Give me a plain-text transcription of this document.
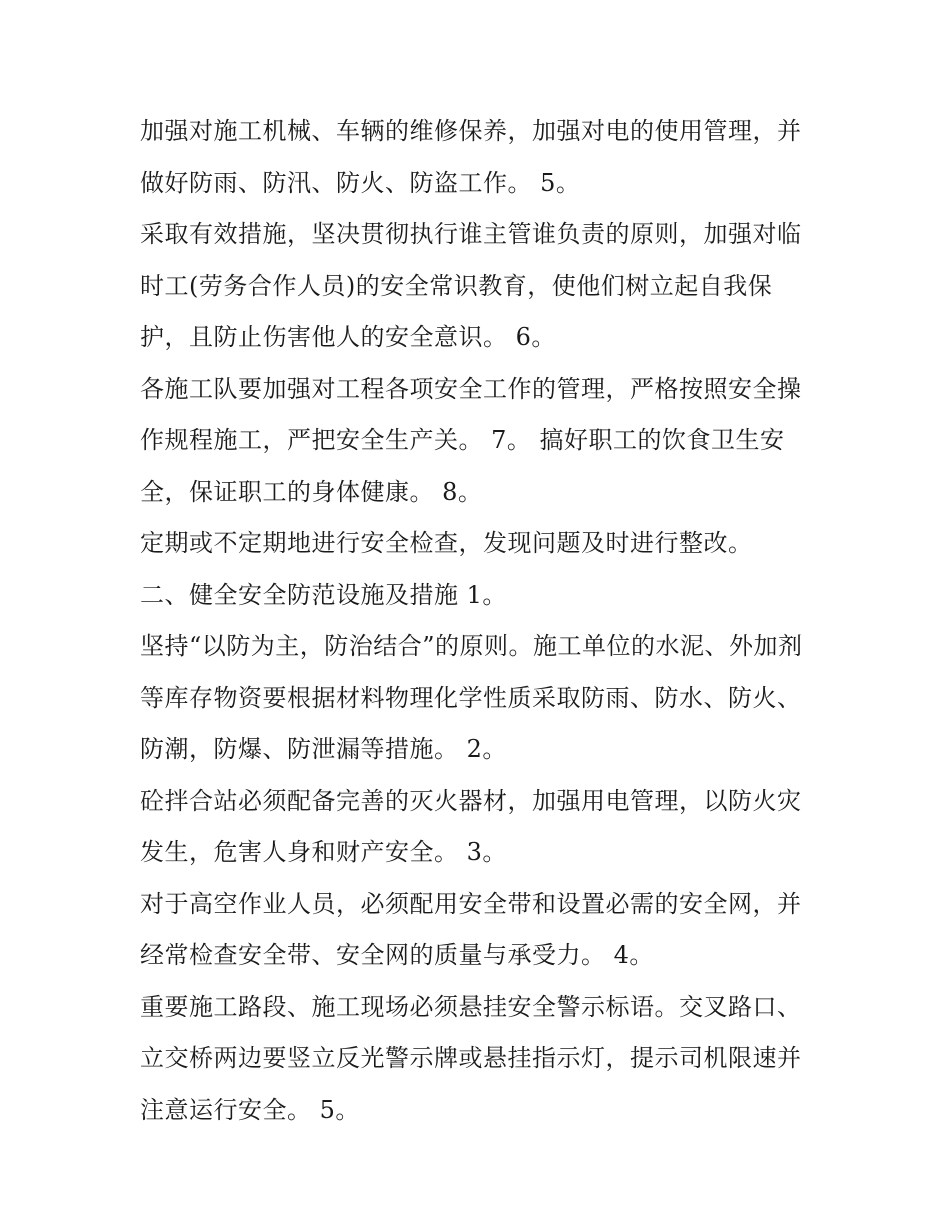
加强对施工机械、车辆的维修保养，加强对电的使用管理，并
做好防雨、防汛、防火、防盗工作。 5。
采取有效措施，坚决贯彻执行谁主管谁负责的原则，加强对临
时工(劳务合作人员)的安全常识教育，使他们树立起自我保
护，且防止伤害他人的安全意识。 6。
各施工队要加强对工程各项安全工作的管理，严格按照安全操
作规程施工，严把安全生产关。 7。 搞好职工的饮食卫生安
全，保证职工的身体健康。 8。
定期或不定期地进行安全检查，发现问题及时进行整改。
二、健全安全防范设施及措施 1。
坚持“以防为主，防治结合”的原则。施工单位的水泥、外加剂
等库存物资要根据材料物理化学性质采取防雨、防水、防火、
防潮，防爆、防泄漏等措施。 2。
砼拌合站必须配备完善的灭火器材，加强用电管理，以防火灾
发生，危害人身和财产安全。 3。
对于高空作业人员，必须配用安全带和设置必需的安全网，并
经常检查安全带、安全网的质量与承受力。 4。
重要施工路段、施工现场必须悬挂安全警示标语。交叉路口、
立交桥两边要竖立反光警示牌或悬挂指示灯，提示司机限速并
注意运行安全。 5。
